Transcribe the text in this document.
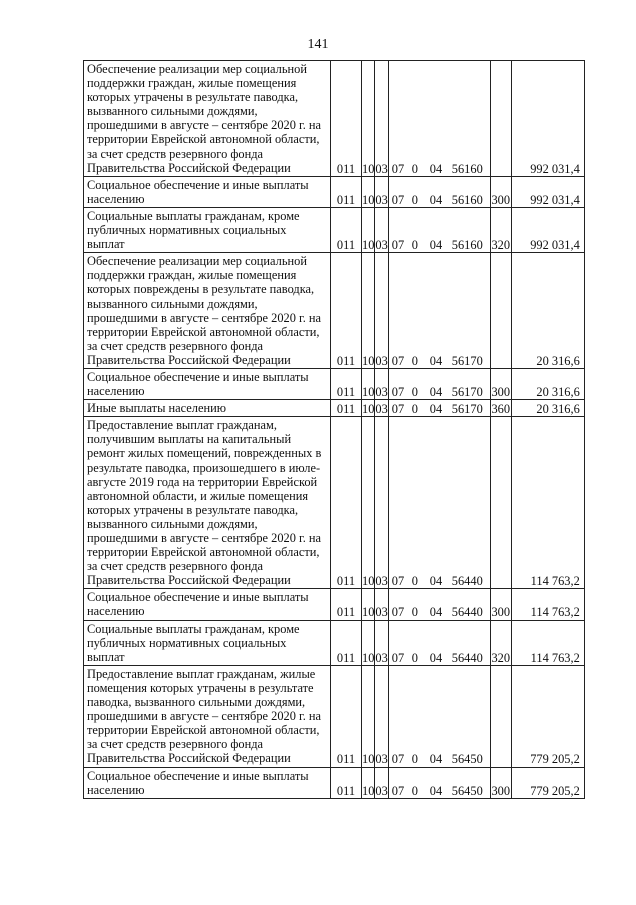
141
Обеспечение реализации мер социальной поддержки граждан, жилые помещения которых утрачены в результате паводка, вызванного сильными дождями, прошедшими в августе – сентябре 2020 г. на территории Еврейской автономной области, за счет средств резервного фонда Правительства Российской Федерации	011	10	03	07 0 04 56160		992 031,4
Социальное обеспечение и иные выплаты населению	011	10	03	07 0 04 56160	300	992 031,4
Социальные выплаты гражданам, кроме публичных нормативных социальных выплат	011	10	03	07 0 04 56160	320	992 031,4
Обеспечение реализации мер социальной поддержки граждан, жилые помещения которых повреждены в результате паводка, вызванного сильными дождями, прошедшими в августе – сентябре 2020 г. на территории Еврейской автономной области, за счет средств резервного фонда Правительства Российской Федерации	011	10	03	07 0 04 56170		20 316,6
Социальное обеспечение и иные выплаты населению	011	10	03	07 0 04 56170	300	20 316,6
Иные выплаты населению	011	10	03	07 0 04 56170	360	20 316,6
Предоставление выплат гражданам, получившим выплаты на капитальный ремонт жилых помещений, поврежденных в результате паводка, произошедшего в июле-августе 2019 года на территории Еврейской автономной области, и жилые помещения которых утрачены в результате паводка, вызванного сильными дождями, прошедшими в августе – сентябре 2020 г. на территории Еврейской автономной области, за счет средств резервного фонда Правительства Российской Федерации	011	10	03	07 0 04 56440		114 763,2
Социальное обеспечение и иные выплаты населению	011	10	03	07 0 04 56440	300	114 763,2
Социальные выплаты гражданам, кроме публичных нормативных социальных выплат	011	10	03	07 0 04 56440	320	114 763,2
Предоставление выплат гражданам, жилые помещения которых утрачены в результате паводка, вызванного сильными дождями, прошедшими в августе – сентябре 2020 г. на территории Еврейской автономной области, за счет средств резервного фонда Правительства Российской Федерации	011	10	03	07 0 04 56450		779 205,2
Социальное обеспечение и иные выплаты населению	011	10	03	07 0 04 56450	300	779 205,2
